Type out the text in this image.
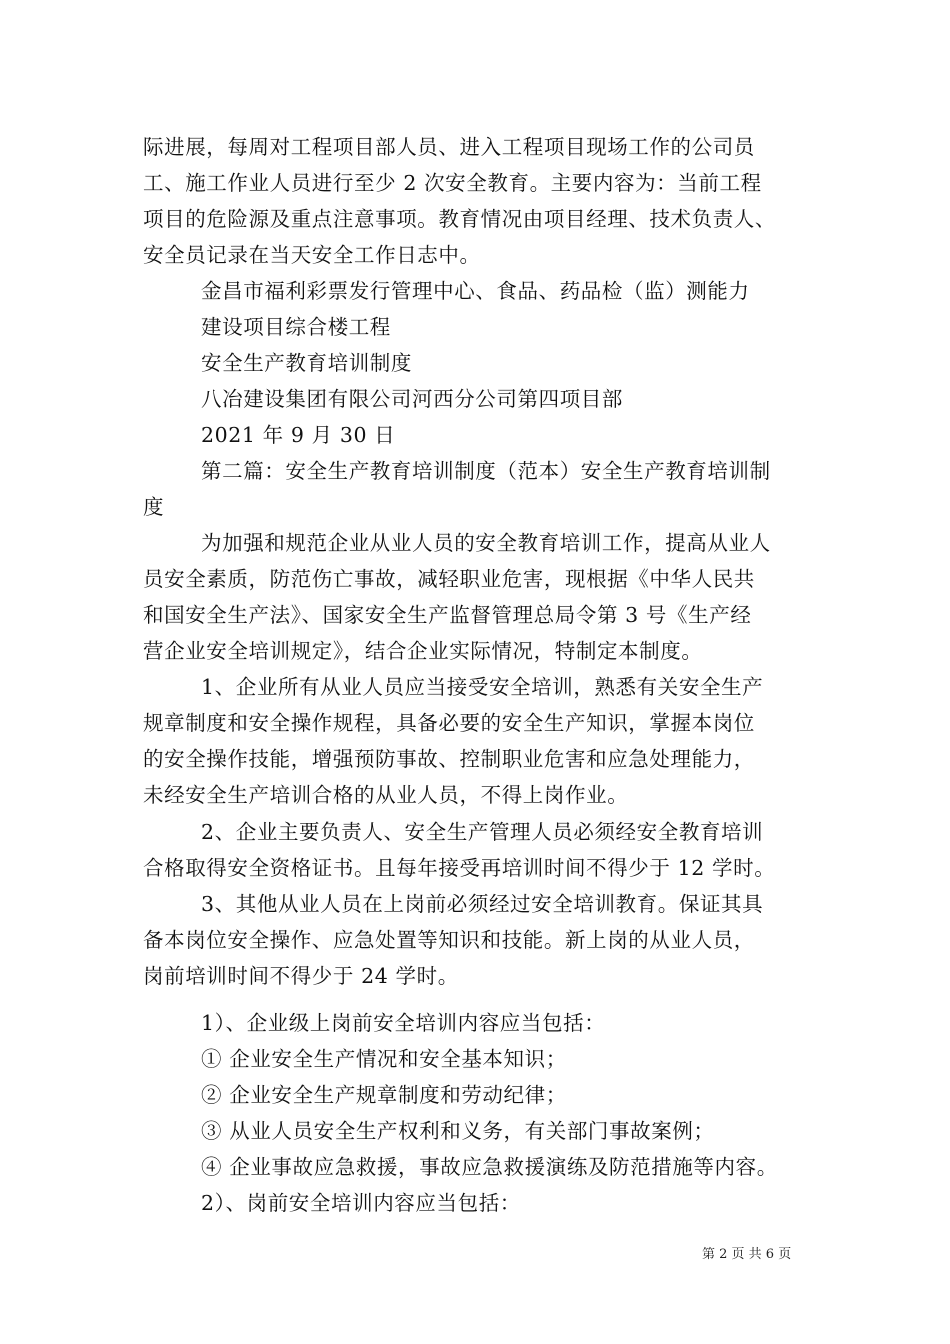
际进展，每周对工程项目部人员、进入工程项目现场工作的公司员
工、施工作业人员进行至少 2 次安全教育。主要内容为：当前工程
项目的危险源及重点注意事项。教育情况由项目经理、技术负责人、
安全员记录在当天安全工作日志中。
金昌市福利彩票发行管理中心、食品、药品检（监）测能力
建设项目综合楼工程
安全生产教育培训制度
八冶建设集团有限公司河西分公司第四项目部
2021 年 9 月 30 日
第二篇：安全生产教育培训制度（范本）安全生产教育培训制
度
为加强和规范企业从业人员的安全教育培训工作，提高从业人
员安全素质，防范伤亡事故，减轻职业危害，现根据《中华人民共
和国安全生产法》、国家安全生产监督管理总局令第 3 号《生产经
营企业安全培训规定》，结合企业实际情况，特制定本制度。
1、企业所有从业人员应当接受安全培训，熟悉有关安全生产
规章制度和安全操作规程，具备必要的安全生产知识，掌握本岗位
的安全操作技能，增强预防事故、控制职业危害和应急处理能力，
未经安全生产培训合格的从业人员，不得上岗作业。
2、企业主要负责人、安全生产管理人员必须经安全教育培训
合格取得安全资格证书。且每年接受再培训时间不得少于 12 学时。
3、其他从业人员在上岗前必须经过安全培训教育。保证其具
备本岗位安全操作、应急处置等知识和技能。新上岗的从业人员，
岗前培训时间不得少于 24 学时。
1）、企业级上岗前安全培训内容应当包括：
① 企业安全生产情况和安全基本知识；
② 企业安全生产规章制度和劳动纪律；
③ 从业人员安全生产权利和义务，有关部门事故案例；
④ 企业事故应急救援，事故应急救援演练及防范措施等内容。
2）、岗前安全培训内容应当包括：
第 2 页 共 6 页
